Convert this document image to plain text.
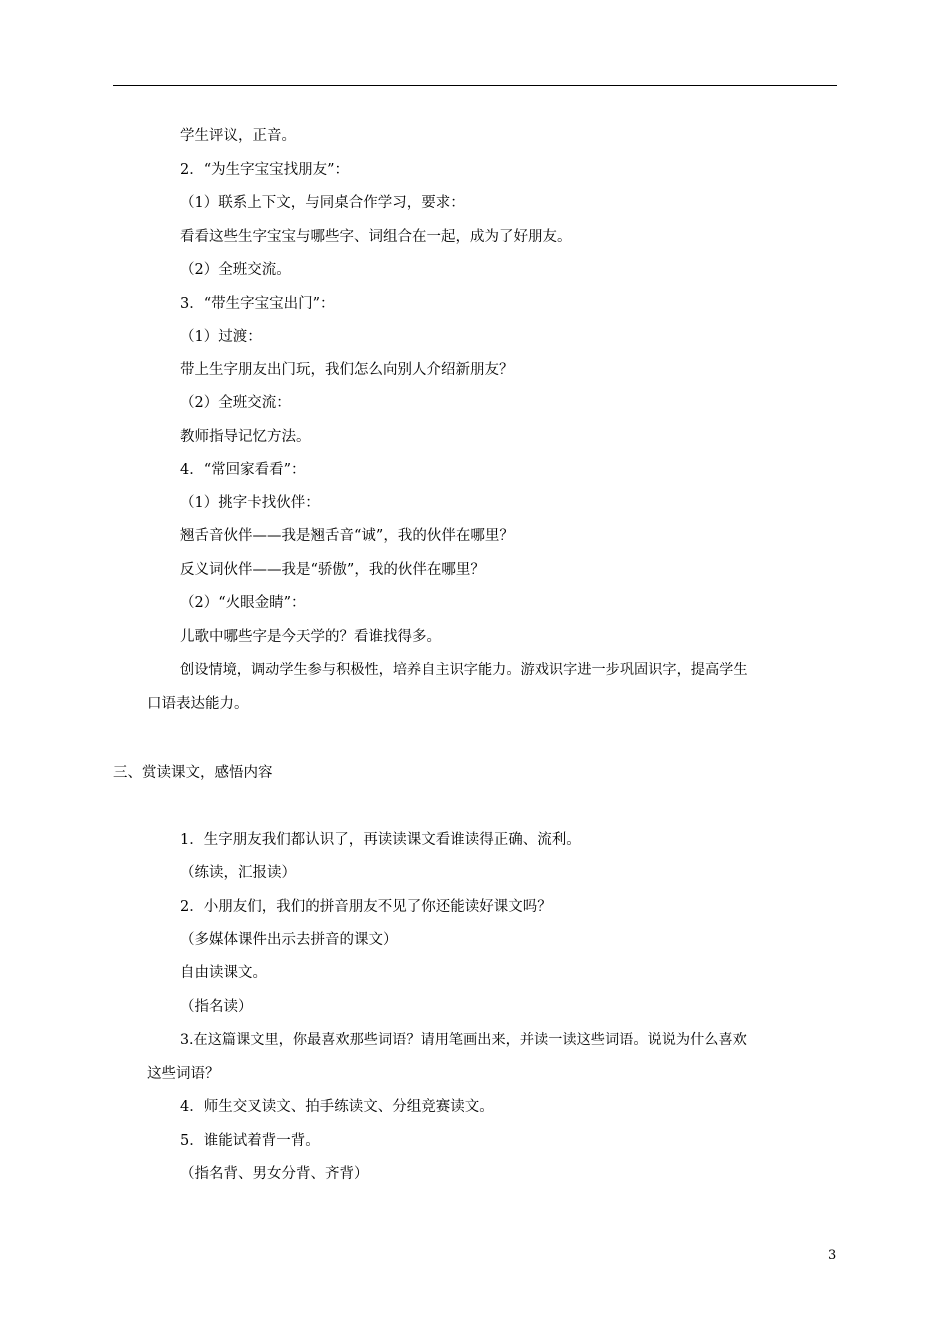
学生评议，正音。
2．“为生字宝宝找朋友”：
（1）联系上下文，与同桌合作学习，要求：
看看这些生字宝宝与哪些字、词组合在一起，成为了好朋友。
（2）全班交流。
3．“带生字宝宝出门”：
（1）过渡：
带上生字朋友出门玩，我们怎么向别人介绍新朋友？
（2）全班交流：
教师指导记忆方法。
4．“常回家看看”：
（1）挑字卡找伙伴：
翘舌音伙伴——我是翘舌音“诚”，我的伙伴在哪里？
反义词伙伴——我是“骄傲”，我的伙伴在哪里？
（2）“火眼金睛”：
儿歌中哪些字是今天学的？看谁找得多。
创设情境，调动学生参与积极性，培养自主识字能力。游戏识字进一步巩固识字，提高学生
口语表达能力。
三、赏读课文，感悟内容
1．生字朋友我们都认识了，再读读课文看谁读得正确、流利。
（练读，汇报读）
2．小朋友们，我们的拼音朋友不见了你还能读好课文吗？
（多媒体课件出示去拼音的课文）
自由读课文。
（指名读）
3.在这篇课文里，你最喜欢那些词语？请用笔画出来，并读一读这些词语。说说为什么喜欢
这些词语？
4．师生交叉读文、拍手练读文、分组竞赛读文。
5．谁能试着背一背。
（指名背、男女分背、齐背）
3
